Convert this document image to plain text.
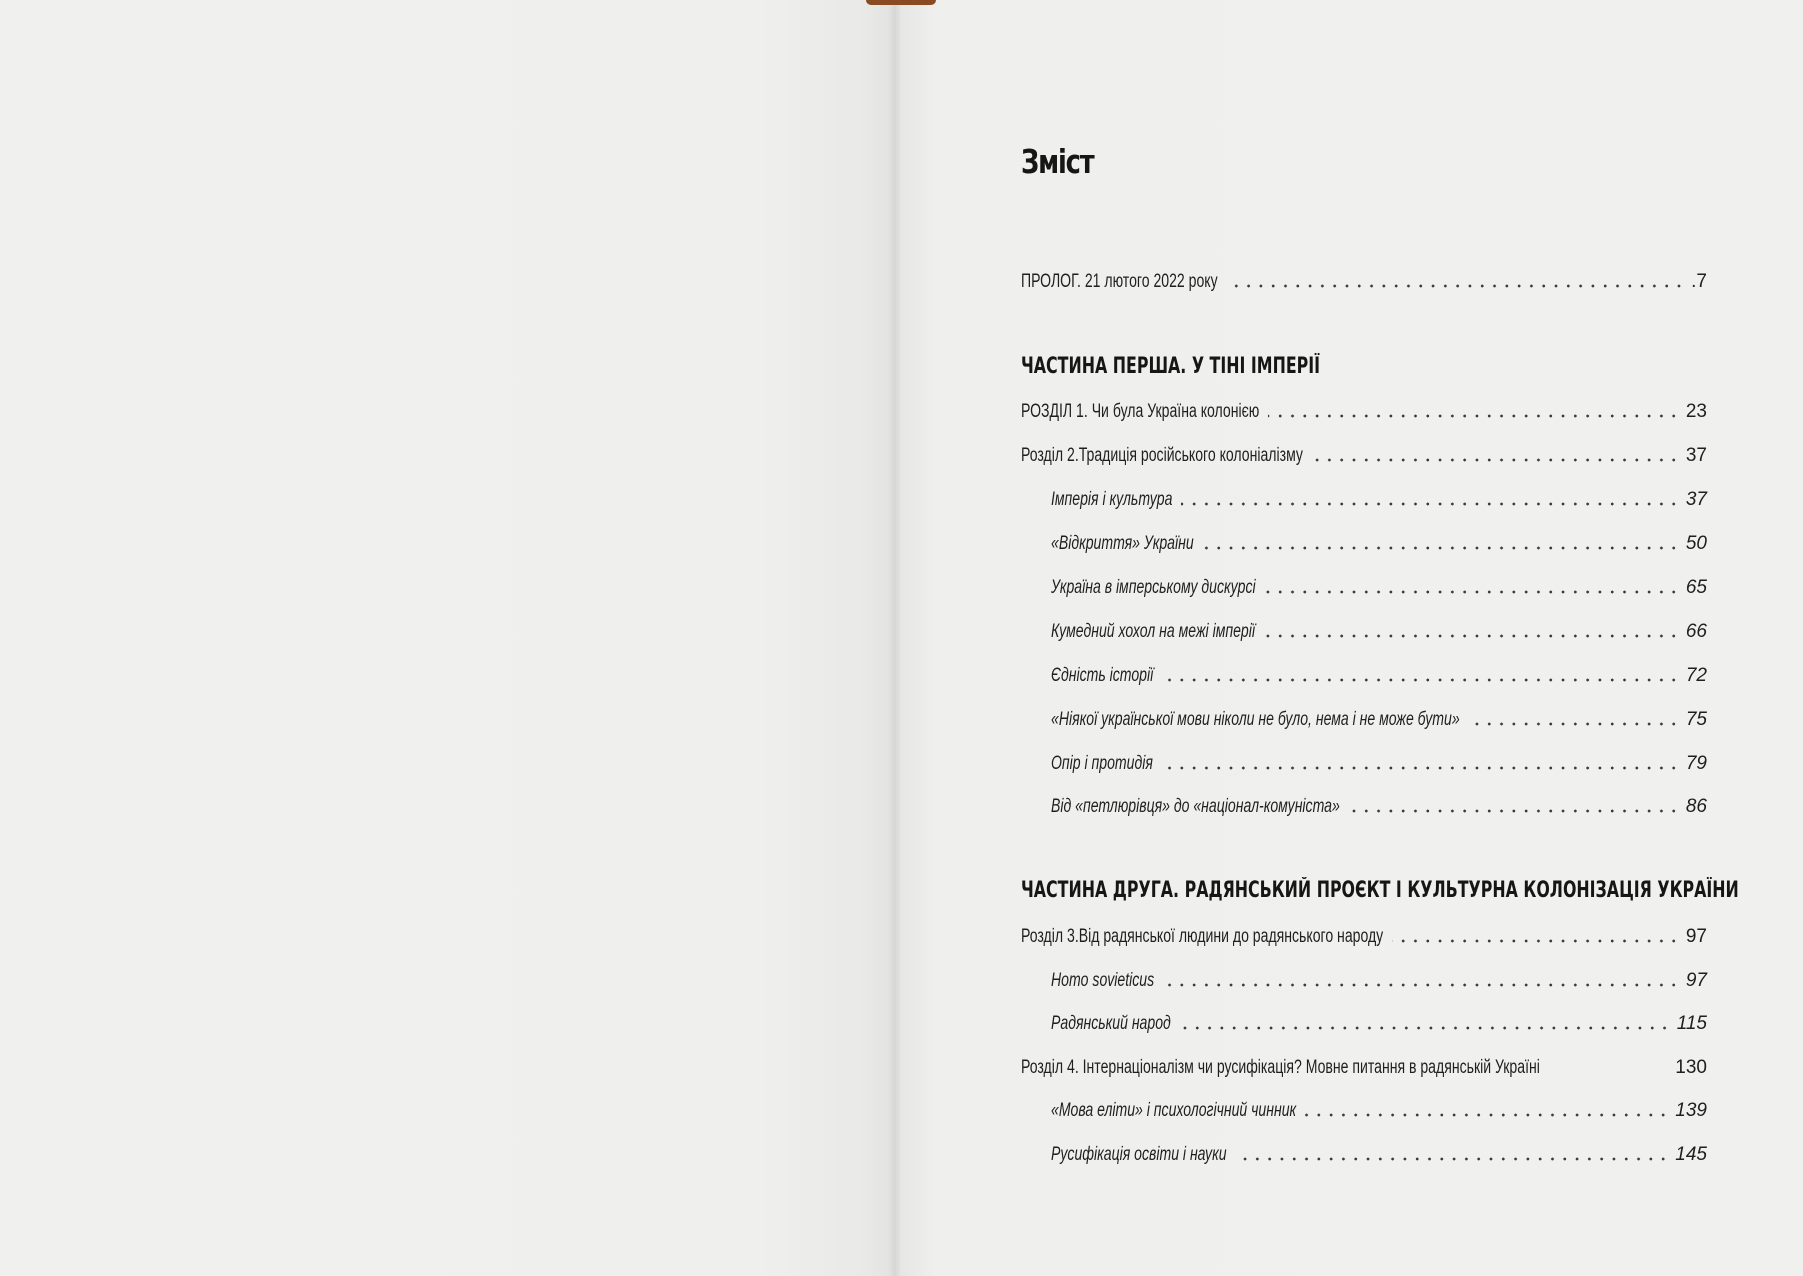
Зміст
ПРОЛОГ. 21 лютого 2022 року	.7
ЧАСТИНА ПЕРША. У ТІНІ ІМПЕРІЇ
РОЗДІЛ 1. Чи була Україна колонією	23
Розділ 2.Традиція російського колоніалізму	37
Імперія і культура	37
«Відкриття» України	50
Україна в імперському дискурсі	65
Кумедний хохол на межі імперії	66
Єдність історії	72
«Ніякої української мови ніколи не було, нема і не може бути»	75
Опір і протидія	79
Від «петлюрівця» до «націонал-комуніста»	86
ЧАСТИНА ДРУГА. РАДЯНСЬКИЙ ПРОЄКТ І КУЛЬТУРНА КОЛОНІЗАЦІЯ УКРАЇНИ
Розділ 3.Від радянської людини до радянського народу	97
Homo sovieticus	97
Радянський народ	115
Розділ 4. Інтернаціоналізм чи русифікація? Мовне питання в радянській Україні	130
«Мова еліти» і психологічний чинник	139
Русифікація освіти і науки	145
